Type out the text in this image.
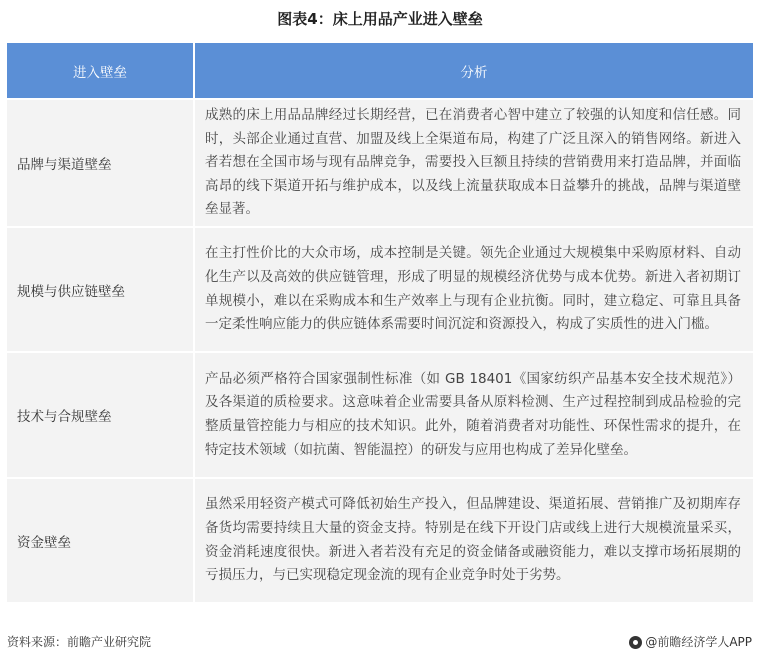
图表4：床上用品产业进入壁垒
进入壁垒	分析
品牌与渠道壁垒	成熟的床上用品品牌经过长期经营，已在消费者心智中建立了较强的认知度和信任感。同时，头部企业通过直营、加盟及线上全渠道布局，构建了广泛且深入的销售网络。新进入者若想在全国市场与现有品牌竞争，需要投入巨额且持续的营销费用来打造品牌，并面临高昂的线下渠道开拓与维护成本，以及线上流量获取成本日益攀升的挑战，品牌与渠道壁垒显著。
规模与供应链壁垒	在主打性价比的大众市场，成本控制是关键。领先企业通过大规模集中采购原材料、自动化生产以及高效的供应链管理，形成了明显的规模经济优势与成本优势。新进入者初期订单规模小，难以在采购成本和生产效率上与现有企业抗衡。同时，建立稳定、可靠且具备一定柔性响应能力的供应链体系需要时间沉淀和资源投入，构成了实质性的进入门槛。
技术与合规壁垒	产品必须严格符合国家强制性标准（如 GB 18401《国家纺织产品基本安全技术规范》）及各渠道的质检要求。这意味着企业需要具备从原料检测、生产过程控制到成品检验的完整质量管控能力与相应的技术知识。此外，随着消费者对功能性、环保性需求的提升，在特定技术领域（如抗菌、智能温控）的研发与应用也构成了差异化壁垒。
资金壁垒	虽然采用轻资产模式可降低初始生产投入，但品牌建设、渠道拓展、营销推广及初期库存备货均需要持续且大量的资金支持。特别是在线下开设门店或线上进行大规模流量采买，资金消耗速度很快。新进入者若没有充足的资金储备或融资能力，难以支撑市场拓展期的亏损压力，与已实现稳定现金流的现有企业竞争时处于劣势。
资料来源：前瞻产业研究院	@前瞻经济学人APP
